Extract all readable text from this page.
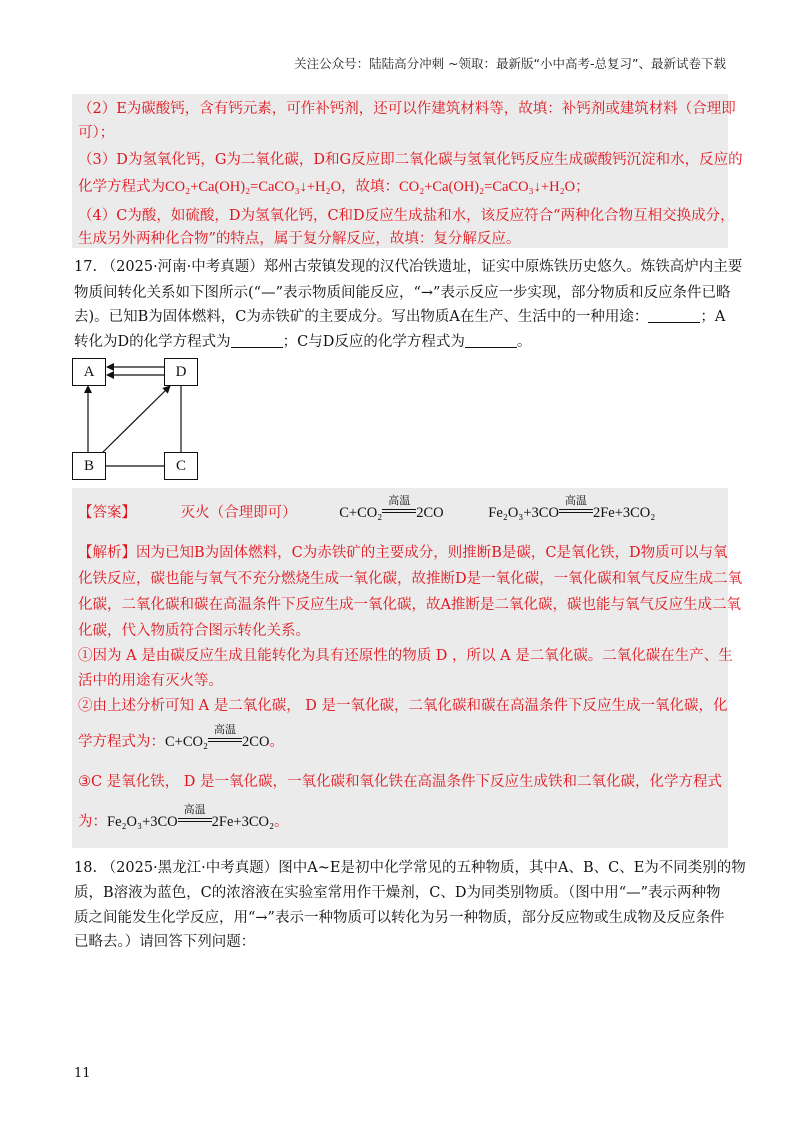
关注公众号：陆陆高分冲刺 ~领取：最新版“小中高考-总复习”、最新试卷下载
（2）E为碳酸钙，含有钙元素，可作补钙剂，还可以作建筑材料等，故填：补钙剂或建筑材料（合理即
可）；
（3）D为氢氧化钙，G为二氧化碳，D和G反应即二氧化碳与氢氧化钙反应生成碳酸钙沉淀和水，反应的
化学方程式为CO₂+Ca(OH)₂=CaCO₃↓+H₂O，故填：CO₂+Ca(OH)₂=CaCO₃↓+H₂O；
（4）C为酸，如硫酸，D为氢氧化钙，C和D反应生成盐和水，该反应符合“两种化合物互相交换成分，
生成另外两种化合物”的特点，属于复分解反应，故填：复分解反应。
17. （2025·河南·中考真题）郑州古荥镇发现的汉代冶铁遗址，证实中原炼铁历史悠久。炼铁高炉内主要
物质间转化关系如下图所示(“—”表示物质间能反应，“→”表示反应一步实现，部分物质和反应条件已略
去)。已知B为固体燃料，C为赤铁矿的主要成分。写出物质A在生产、生活中的一种用途：	；A
转化为D的化学方程式为	；C与D反应的化学方程式为	。
A	D
B	C
【答案】	灭火（合理即可）	C+CO₂
高温
2CO	Fe₂O₃+3CO
高温
2Fe+3CO₂
【解析】因为已知B为固体燃料，C为赤铁矿的主要成分，则推断B是碳，C是氧化铁，D物质可以与氧
化铁反应，碳也能与氧气不充分燃烧生成一氧化碳，故推断D是一氧化碳，一氧化碳和氧气反应生成二氧
化碳，二氧化碳和碳在高温条件下反应生成一氧化碳，故A推断是二氧化碳，碳也能与氧气反应生成二氧
化碳，代入物质符合图示转化关系。
①因为 A 是由碳反应生成且能转化为具有还原性的物质 D ，所以 A 是二氧化碳。二氧化碳在生产、生
活中的用途有灭火等。
②由上述分析可知 A 是二氧化碳， D 是一氧化碳，二氧化碳和碳在高温条件下反应生成一氧化碳，化
学方程式为：C+CO₂
高温
2CO。
③C 是氧化铁， D 是一氧化碳，一氧化碳和氧化铁在高温条件下反应生成铁和二氧化碳，化学方程式
为：Fe₂O₃+3CO
高温
2Fe+3CO₂。
18. （2025·黑龙江·中考真题）图中A~E是初中化学常见的五种物质，其中A、B、C、E为不同类别的物
质，B溶液为蓝色，C的浓溶液在实验室常用作干燥剂，C、D为同类别物质。（图中用“—”表示两种物
质之间能发生化学反应，用“→”表示一种物质可以转化为另一种物质，部分反应物或生成物及反应条件
已略去。）请回答下列问题：
11
